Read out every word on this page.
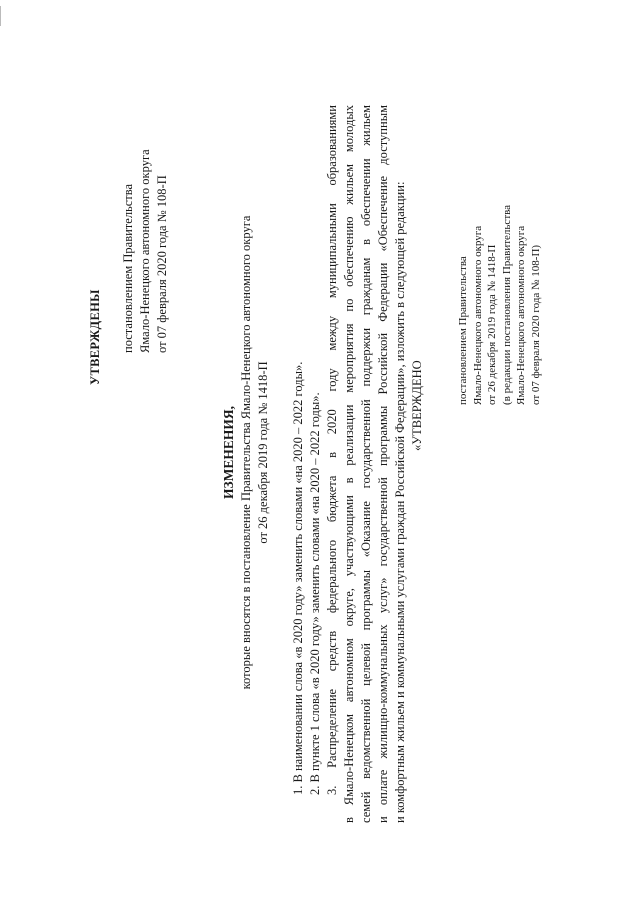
УТВЕРЖДЕНЫ постановлением Правительства Ямало-Ненецкого автономного округа от 07 февраля 2020 года № 108-П
ИЗМЕНЕНИЯ, которые вносятся в постановление Правительства Ямало-Ненецкого автономного округа от 26 декабря 2019 года № 1418-П 1. В наименовании слова «в 2020 году» заменить словами «на 2020 – 2022 годы». 2. В пункте 1 слова «в 2020 году» заменить словами «на 2020 – 2022 годы». 3. Распределение средств федерального бюджета в 2020 году между муниципальными образованиями в Ямало-Ненецком автономном округе, участвующими в реализации мероприятия по обеспечению жильем молодых семей ведомственной целевой программы «Оказание государственной поддержки гражданам в обеспечении жильем и оплате жилищно-коммунальных услуг» государственной программы Российской Федерации «Обеспечение доступным и комфортным жильем и коммунальными услугами граждан Российской Федерации», изложить в следующей редакции: «УТВЕРЖДЕНО
постановлением Правительства Ямало-Ненецкого автономного округа от 26 декабря 2019 года № 1418-П (в редакции постановления Правительства Ямало-Ненецкого автономного округа от 07 февраля 2020 года № 108-П)
